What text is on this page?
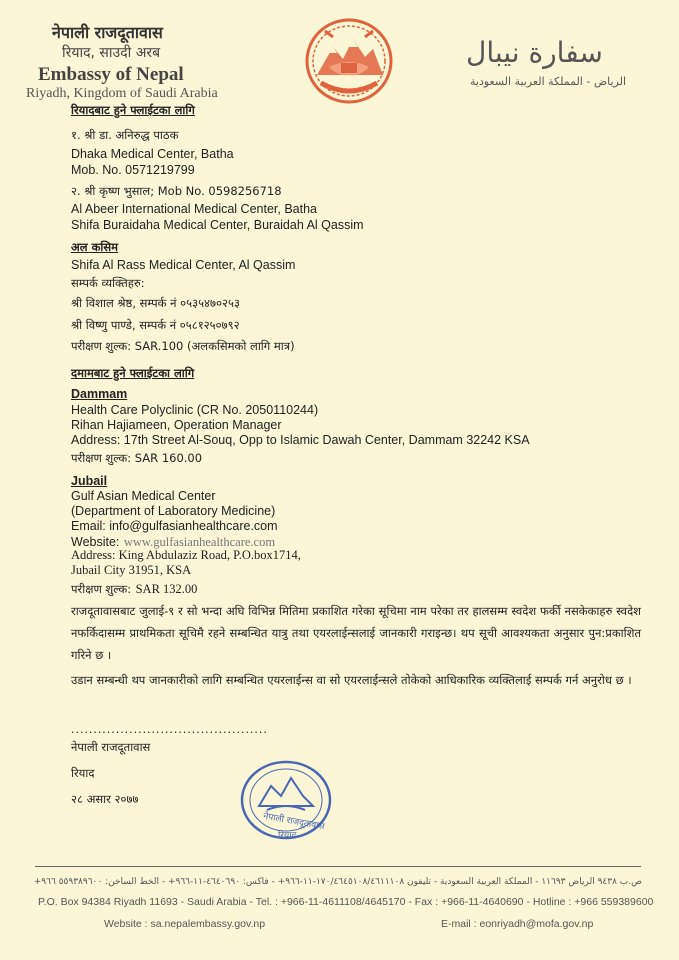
नेपाली राजदूतावास
रियाद, साउदी अरब
Embassy of Nepal
Riyadh, Kingdom of Saudi Arabia
سفارة نيبال
الرياض - المملكة العربية السعودية
रियादबाट हुने फ्लाईटका लागि
१. श्री डा. अनिरुद्ध पाठक
Dhaka Medical Center, Batha
Mob. No. 0571219799
२. श्री कृष्ण भुसाल; Mob No. 0598256718
Al Abeer International Medical Center, Batha
Shifa Buraidaha Medical Center, Buraidah Al Qassim
अल कसिम
Shifa Al Rass Medical Center, Al Qassim
सम्पर्क व्यक्तिहरु:
श्री विशाल श्रेष्ठ, सम्पर्क नं ०५३५४७०२५३
श्री विष्णु पाण्डे, सम्पर्क नं ०५८१२५०७९२
परीक्षण शुल्क: SAR.100 (अलकसिमको लागि मात्र)
दमामबाट हुने फ्लाईटका लागि
Dammam
Health Care Polyclinic (CR No. 2050110244)
Rihan Hajiameen, Operation Manager
Address: 17th Street Al-Souq, Opp to Islamic Dawah Center, Dammam 32242 KSA
परीक्षण शुल्क: SAR 160.00
Jubail
Gulf Asian Medical Center
(Department of Laboratory Medicine)
Email: info@gulfasianhealthcare.com
Website: www.gulfasianhealthcare.com
Address: King Abdulaziz Road, P.O.box1714,
Jubail City 31951, KSA
परीक्षण शुल्क: SAR 132.00
राजदूतावासबाट जुलाई-९ र सो भन्दा अघि विभिन्न मितिमा प्रकाशित गरेका सूचिमा नाम परेका तर हालसम्म स्वदेश फर्की नसकेकाहरु स्वदेश नफर्किदासम्म प्राथमिकता सूचिमै रहने सम्बन्धित यात्रु तथा एयरलाईन्सलाई जानकारी गराइन्छ। थप सूची आवश्यकता अनुसार पुन:प्रकाशित गरिने छ ।
उडान सम्बन्धी थप जानकारीको लागि सम्बन्धित एयरलाईन्स वा सो एयरलाईन्सले तोकेको आधिकारिक व्यक्तिलाई सम्पर्क गर्न अनुरोध छ ।
............................................
नेपाली राजदूतावास
रियाद
२८ असार २०७७
नेपाली राजदूतावास
रियाद
ص.ب ٩٤٣٨ الرياض ١١٦٩٣ - المملكة العربية السعودية - تليفون ١٧٠/٤٦٤٥١٠٨/٤٦١١١٠٨-١١-٩٦٦+ - فاكس: ٤٦٤٠٦٩٠-١١-٩٦٦+ - الخط الساخن: ٥٥٩٣٨٩٦٠٠ ٩٦٦+
P.O. Box 94384 Riyadh 11693 - Saudi Arabia - Tel. : +966-11-4611108/4645170 - Fax : +966-11-4640690 - Hotline : +966 559389600
Website : sa.nepalembassy.gov.np	E-mail : eonriyadh@mofa.gov.np
